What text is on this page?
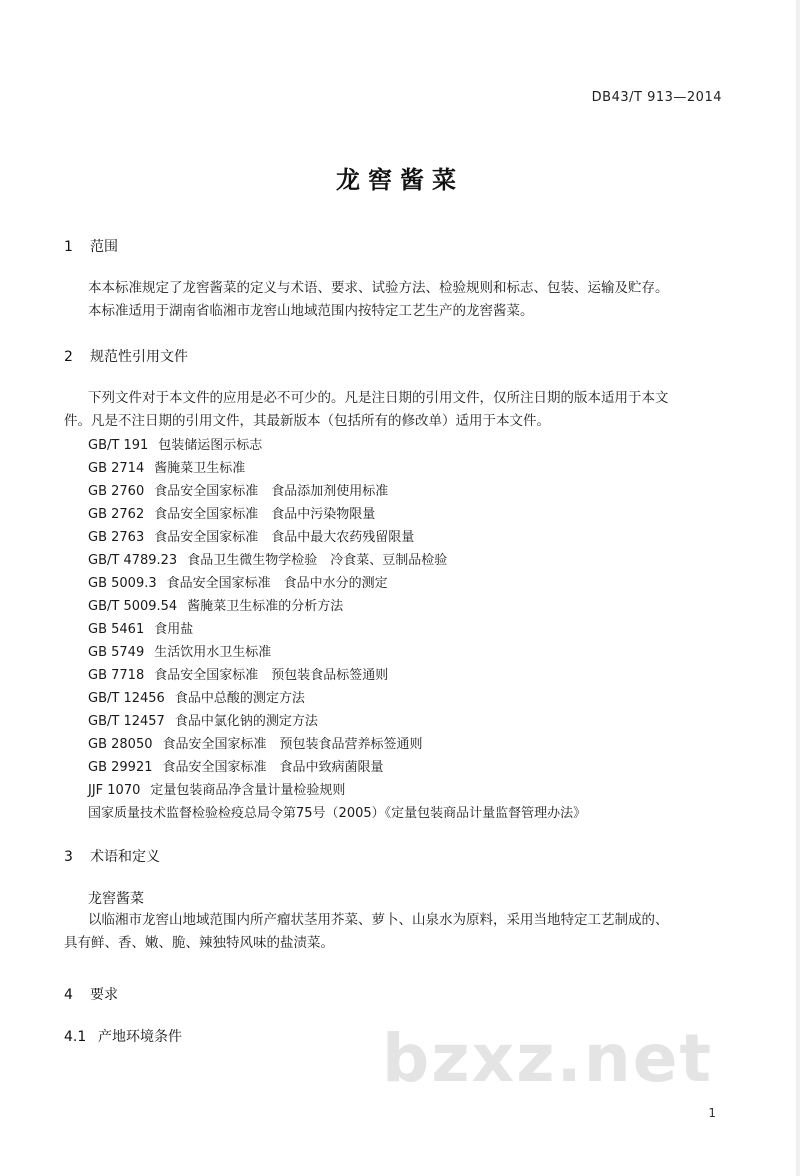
DB43/T 913—2014
龙窖酱菜
1 范围
本本标准规定了龙窖酱菜的定义与术语、要求、试验方法、检验规则和标志、包装、运输及贮存。
本标准适用于湖南省临湘市龙窖山地域范围内按特定工艺生产的龙窖酱菜。
2 规范性引用文件
下列文件对于本文件的应用是必不可少的。凡是注日期的引用文件，仅所注日期的版本适用于本文
件。凡是不注日期的引用文件，其最新版本（包括所有的修改单）适用于本文件。
GB/T 191 包装储运图示标志
GB 2714 酱腌菜卫生标准
GB 2760 食品安全国家标准　食品添加剂使用标准
GB 2762 食品安全国家标准　食品中污染物限量
GB 2763 食品安全国家标准　食品中最大农药残留限量
GB/T 4789.23 食品卫生微生物学检验　冷食菜、豆制品检验
GB 5009.3 食品安全国家标准　食品中水分的测定
GB/T 5009.54 酱腌菜卫生标准的分析方法
GB 5461 食用盐
GB 5749 生活饮用水卫生标准
GB 7718 食品安全国家标准　预包装食品标签通则
GB/T 12456 食品中总酸的测定方法
GB/T 12457 食品中氯化钠的测定方法
GB 28050 食品安全国家标准　预包装食品营养标签通则
GB 29921 食品安全国家标准　食品中致病菌限量
JJF 1070 定量包装商品净含量计量检验规则
国家质量技术监督检验检疫总局令第75号（2005）《定量包装商品计量监督管理办法》
3 术语和定义
龙窖酱菜
以临湘市龙窖山地域范围内所产瘤状茎用芥菜、萝卜、山泉水为原料，采用当地特定工艺制成的、
具有鲜、香、嫩、脆、辣独特风味的盐渍菜。
4 要求
4.1 产地环境条件	bzxz.net
1
